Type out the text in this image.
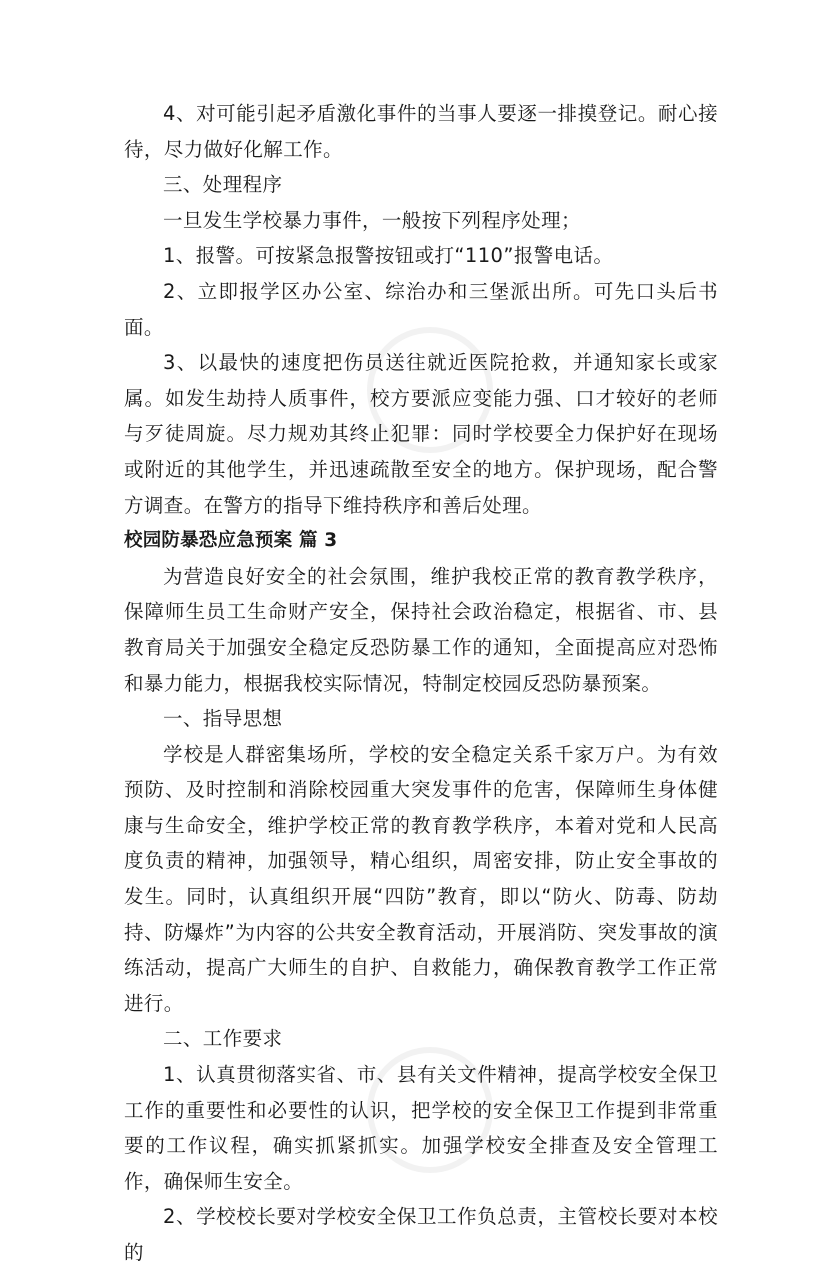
4、对可能引起矛盾激化事件的当事人要逐一排摸登记。耐心接待，尽力做好化解工作。

三、处理程序

一旦发生学校暴力事件，一般按下列程序处理；

1、报警。可按紧急报警按钮或打“110”报警电话。

2、立即报学区办公室、综治办和三堡派出所。可先口头后书面。

3、以最快的速度把伤员送往就近医院抢救，并通知家长或家属。如发生劫持人质事件，校方要派应变能力强、口才较好的老师与歹徒周旋。尽力规劝其终止犯罪：同时学校要全力保护好在现场或附近的其他学生，并迅速疏散至安全的地方。保护现场，配合警方调查。在警方的指导下维持秩序和善后处理。

校园防暴恐应急预案 篇 3

为营造良好安全的社会氛围，维护我校正常的教育教学秩序，保障师生员工生命财产安全，保持社会政治稳定，根据省、市、县教育局关于加强安全稳定反恐防暴工作的通知，全面提高应对恐怖和暴力能力，根据我校实际情况，特制定校园反恐防暴预案。

一、指导思想

学校是人群密集场所，学校的安全稳定关系千家万户。为有效预防、及时控制和消除校园重大突发事件的危害，保障师生身体健康与生命安全，维护学校正常的教育教学秩序，本着对党和人民高度负责的精神，加强领导，精心组织，周密安排，防止安全事故的发生。同时，认真组织开展“四防”教育，即以“防火、防毒、防劫持、防爆炸”为内容的公共安全教育活动，开展消防、突发事故的演练活动，提高广大师生的自护、自救能力，确保教育教学工作正常进行。

二、工作要求

1、认真贯彻落实省、市、县有关文件精神，提高学校安全保卫工作的重要性和必要性的认识，把学校的安全保卫工作提到非常重要的工作议程，确实抓紧抓实。加强学校安全排查及安全管理工作，确保师生安全。

2、学校校长要对学校安全保卫工作负总责，主管校长要对本校的
